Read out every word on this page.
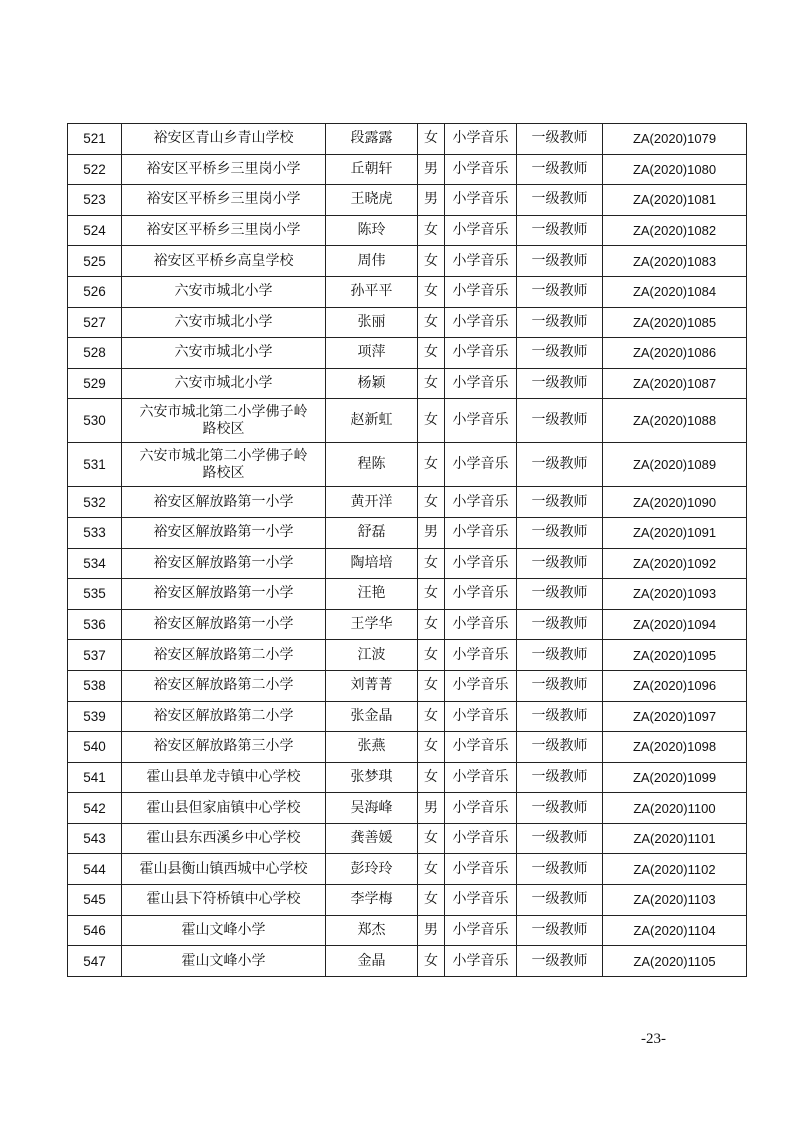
521	裕安区青山乡青山学校	段露露	女	小学音乐	一级教师	ZA(2020)1079
522	裕安区平桥乡三里岗小学	丘朝轩	男	小学音乐	一级教师	ZA(2020)1080
523	裕安区平桥乡三里岗小学	王晓虎	男	小学音乐	一级教师	ZA(2020)1081
524	裕安区平桥乡三里岗小学	陈玲	女	小学音乐	一级教师	ZA(2020)1082
525	裕安区平桥乡高皇学校	周伟	女	小学音乐	一级教师	ZA(2020)1083
526	六安市城北小学	孙平平	女	小学音乐	一级教师	ZA(2020)1084
527	六安市城北小学	张丽	女	小学音乐	一级教师	ZA(2020)1085
528	六安市城北小学	项萍	女	小学音乐	一级教师	ZA(2020)1086
529	六安市城北小学	杨颖	女	小学音乐	一级教师	ZA(2020)1087
530	六安市城北第二小学佛子岭
路校区	赵新虹	女	小学音乐	一级教师	ZA(2020)1088
531	六安市城北第二小学佛子岭
路校区	程陈	女	小学音乐	一级教师	ZA(2020)1089
532	裕安区解放路第一小学	黄开洋	女	小学音乐	一级教师	ZA(2020)1090
533	裕安区解放路第一小学	舒磊	男	小学音乐	一级教师	ZA(2020)1091
534	裕安区解放路第一小学	陶培培	女	小学音乐	一级教师	ZA(2020)1092
535	裕安区解放路第一小学	汪艳	女	小学音乐	一级教师	ZA(2020)1093
536	裕安区解放路第一小学	王学华	女	小学音乐	一级教师	ZA(2020)1094
537	裕安区解放路第二小学	江波	女	小学音乐	一级教师	ZA(2020)1095
538	裕安区解放路第二小学	刘菁菁	女	小学音乐	一级教师	ZA(2020)1096
539	裕安区解放路第二小学	张金晶	女	小学音乐	一级教师	ZA(2020)1097
540	裕安区解放路第三小学	张燕	女	小学音乐	一级教师	ZA(2020)1098
541	霍山县单龙寺镇中心学校	张梦琪	女	小学音乐	一级教师	ZA(2020)1099
542	霍山县但家庙镇中心学校	吴海峰	男	小学音乐	一级教师	ZA(2020)1100
543	霍山县东西溪乡中心学校	龚善媛	女	小学音乐	一级教师	ZA(2020)1101
544	霍山县衡山镇西城中心学校	彭玲玲	女	小学音乐	一级教师	ZA(2020)1102
545	霍山县下符桥镇中心学校	李学梅	女	小学音乐	一级教师	ZA(2020)1103
546	霍山文峰小学	郑杰	男	小学音乐	一级教师	ZA(2020)1104
547	霍山文峰小学	金晶	女	小学音乐	一级教师	ZA(2020)1105
-23-
